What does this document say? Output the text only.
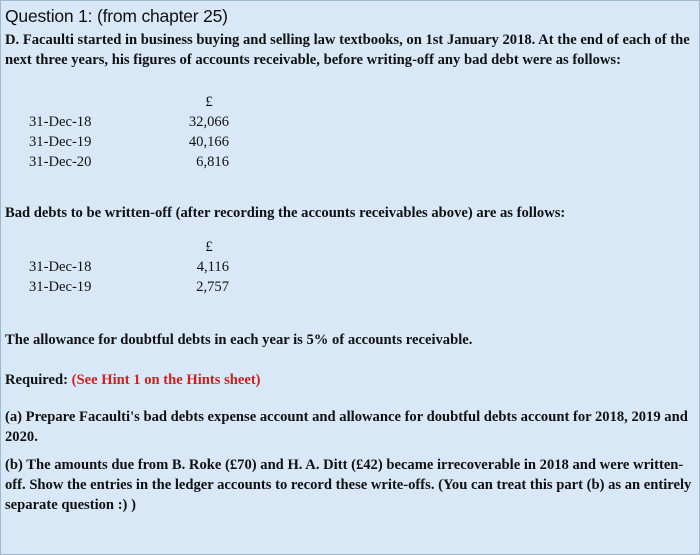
Question 1: (from chapter 25)

D. Facaulti started in business buying and selling law textbooks, on 1st January 2018. At the end of each of the next three years, his figures of accounts receivable, before writing-off any bad debt were as follows:

£
31-Dec-18	32,066
31-Dec-19	40,166
31-Dec-20	6,816

Bad debts to be written-off (after recording the accounts receivables above) are as follows:

£
31-Dec-18	4,116
31-Dec-19	2,757

The allowance for doubtful debts in each year is 5% of accounts receivable.

Required: (See Hint 1 on the Hints sheet)

(a) Prepare Facaulti's bad debts expense account and allowance for doubtful debts account for 2018, 2019 and 2020.

(b) The amounts due from B. Roke (£70) and H. A. Ditt (£42) became irrecoverable in 2018 and were written-off. Show the entries in the ledger accounts to record these write-offs. (You can treat this part (b) as an entirely separate question :) )
